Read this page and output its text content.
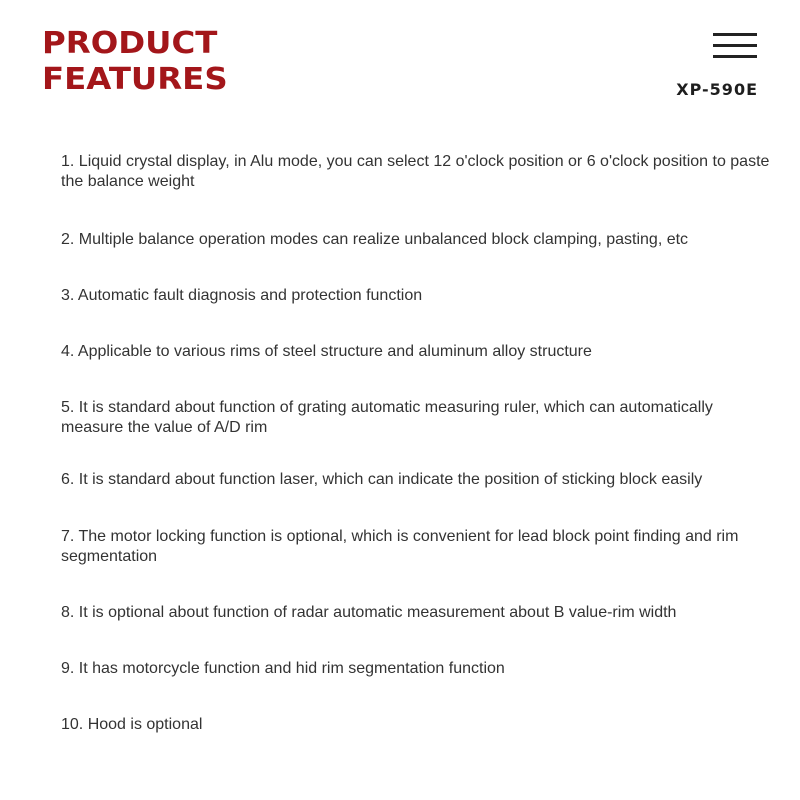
PRODUCT
FEATURES	XP-590E
1. Liquid crystal display, in Alu mode, you can select 12 o'clock position or 6 o'clock position to paste the balance weight
2. Multiple balance operation modes can realize unbalanced block clamping, pasting, etc
3. Automatic fault diagnosis and protection function
4. Applicable to various rims of steel structure and aluminum alloy structure
5. It is standard about function of grating automatic measuring ruler, which can automatically measure the value of A/D rim
6. It is standard about function laser, which can indicate the position of sticking block easily
7. The motor locking function is optional, which is convenient for lead block point finding and rim segmentation
8. It is optional about function of radar automatic measurement about B value-rim width
9. It has motorcycle function and hid rim segmentation function
10. Hood is optional
